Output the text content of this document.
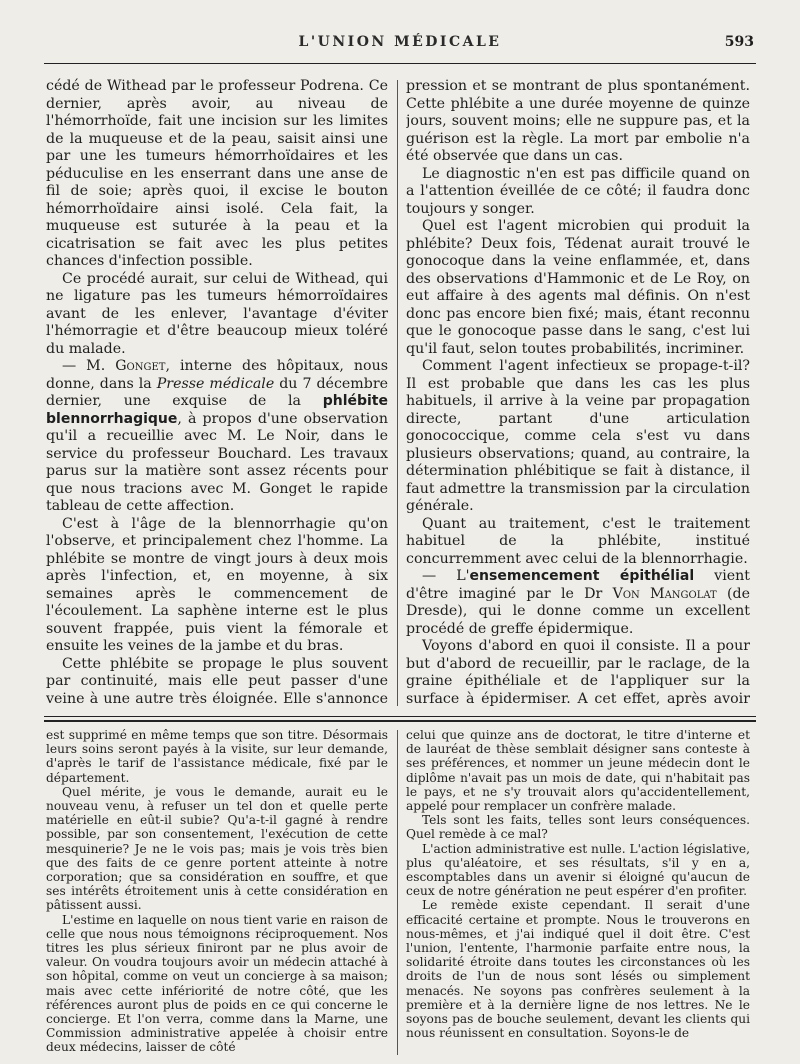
L'UNION MÉDICALE	593

cédé de Withead par le professeur Podrena. Ce dernier, après avoir, au niveau de l'hémorrhoïde, fait une incision sur les limites de la muqueuse et de la peau, saisit ainsi une par une les tumeurs hémorrhoïdaires et les péduculise en les enserrant dans une anse de fil de soie; après quoi, il excise le bouton hémorrhoïdaire ainsi isolé. Cela fait, la muqueuse est suturée à la peau et la cicatrisation se fait avec les plus petites chances d'infection possible.

Ce procédé aurait, sur celui de Withead, qui ne ligature pas les tumeurs hémorroïdaires avant de les enlever, l'avantage d'éviter l'hémorragie et d'être beaucoup mieux toléré du malade.

— M. Gonget, interne des hôpitaux, nous donne, dans la Presse médicale du 7 décembre dernier, une exquise de la phlébite blennorrhagique, à propos d'une observation qu'il a recueillie avec M. Le Noir, dans le service du professeur Bouchard. Les travaux parus sur la matière sont assez récents pour que nous tracions avec M. Gonget le rapide tableau de cette affection.

C'est à l'âge de la blennorrhagie qu'on l'observe, et principalement chez l'homme. La phlébite se montre de vingt jours à deux mois après l'infection, et, en moyenne, à six semaines après le commencement de l'écoulement. La saphène interne est le plus souvent frappée, puis vient la fémorale et ensuite les veines de la jambe et du bras.

Cette phlébite se propage le plus souvent par continuité, mais elle peut passer d'une veine à une autre très éloignée. Elle s'annonce

pression et se montrant de plus spontanément. Cette phlébite a une durée moyenne de quinze jours, souvent moins; elle ne suppure pas, et la guérison est la règle. La mort par embolie n'a été observée que dans un cas.

Le diagnostic n'en est pas difficile quand on a l'attention éveillée de ce côté; il faudra donc toujours y songer.

Quel est l'agent microbien qui produit la phlébite? Deux fois, Tédenat aurait trouvé le gonocoque dans la veine enflammée, et, dans des observations d'Hammonic et de Le Roy, on eut affaire à des agents mal définis. On n'est donc pas encore bien fixé; mais, étant reconnu que le gonocoque passe dans le sang, c'est lui qu'il faut, selon toutes probabilités, incriminer.

Comment l'agent infectieux se propage-t-il? Il est probable que dans les cas les plus habituels, il arrive à la veine par propagation directe, partant d'une articulation gonococcique, comme cela s'est vu dans plusieurs observations; quand, au contraire, la détermination phlébitique se fait à distance, il faut admettre la transmission par la circulation générale.

Quant au traitement, c'est le traitement habituel de la phlébite, institué concurremment avec celui de la blennorrhagie.

— L'ensemencement épithélial vient d'être imaginé par le Dr Von Mangolat (de Dresde), qui le donne comme un excellent procédé de greffe épidermique.

Voyons d'abord en quoi il consiste. Il a pour but d'abord de recueillir, par le raclage, de la graine épithéliale et de l'appliquer sur la surface à épidermiser. A cet effet, après avoir

est supprimé en même temps que son titre. Désormais leurs soins seront payés à la visite, sur leur demande, d'après le tarif de l'assistance médicale, fixé par le département.

Quel mérite, je vous le demande, aurait eu le nouveau venu, à refuser un tel don et quelle perte matérielle en eût-il subie? Qu'a-t-il gagné à rendre possible, par son consentement, l'exécution de cette mesquinerie? Je ne le vois pas; mais je vois très bien que des faits de ce genre portent atteinte à notre corporation; que sa considération en souffre, et que ses intérêts étroitement unis à cette considération en pâtissent aussi.

L'estime en laquelle on nous tient varie en raison de celle que nous nous témoignons réciproquement. Nos titres les plus sérieux finiront par ne plus avoir de valeur. On voudra toujours avoir un médecin attaché à son hôpital, comme on veut un concierge à sa maison; mais avec cette infériorité de notre côté, que les références auront plus de poids en ce qui concerne le concierge. Et l'on verra, comme dans la Marne, une Commission administrative appelée à choisir entre deux médecins, laisser de côté

celui que quinze ans de doctorat, le titre d'interne et de lauréat de thèse semblait désigner sans conteste à ses préférences, et nommer un jeune médecin dont le diplôme n'avait pas un mois de date, qui n'habitait pas le pays, et ne s'y trouvait alors qu'accidentellement, appelé pour remplacer un confrère malade.

Tels sont les faits, telles sont leurs conséquences. Quel remède à ce mal?

L'action administrative est nulle. L'action législative, plus qu'aléatoire, et ses résultats, s'il y en a, escomptables dans un avenir si éloigné qu'aucun de ceux de notre génération ne peut espérer d'en profiter.

Le remède existe cependant. Il serait d'une efficacité certaine et prompte. Nous le trouverons en nous-mêmes, et j'ai indiqué quel il doit être. C'est l'union, l'entente, l'harmonie parfaite entre nous, la solidarité étroite dans toutes les circonstances où les droits de l'un de nous sont lésés ou simplement menacés. Ne soyons pas confrères seulement à la première et à la dernière ligne de nos lettres. Ne le soyons pas de bouche seulement, devant les clients qui nous réunissent en consultation. Soyons-le de
